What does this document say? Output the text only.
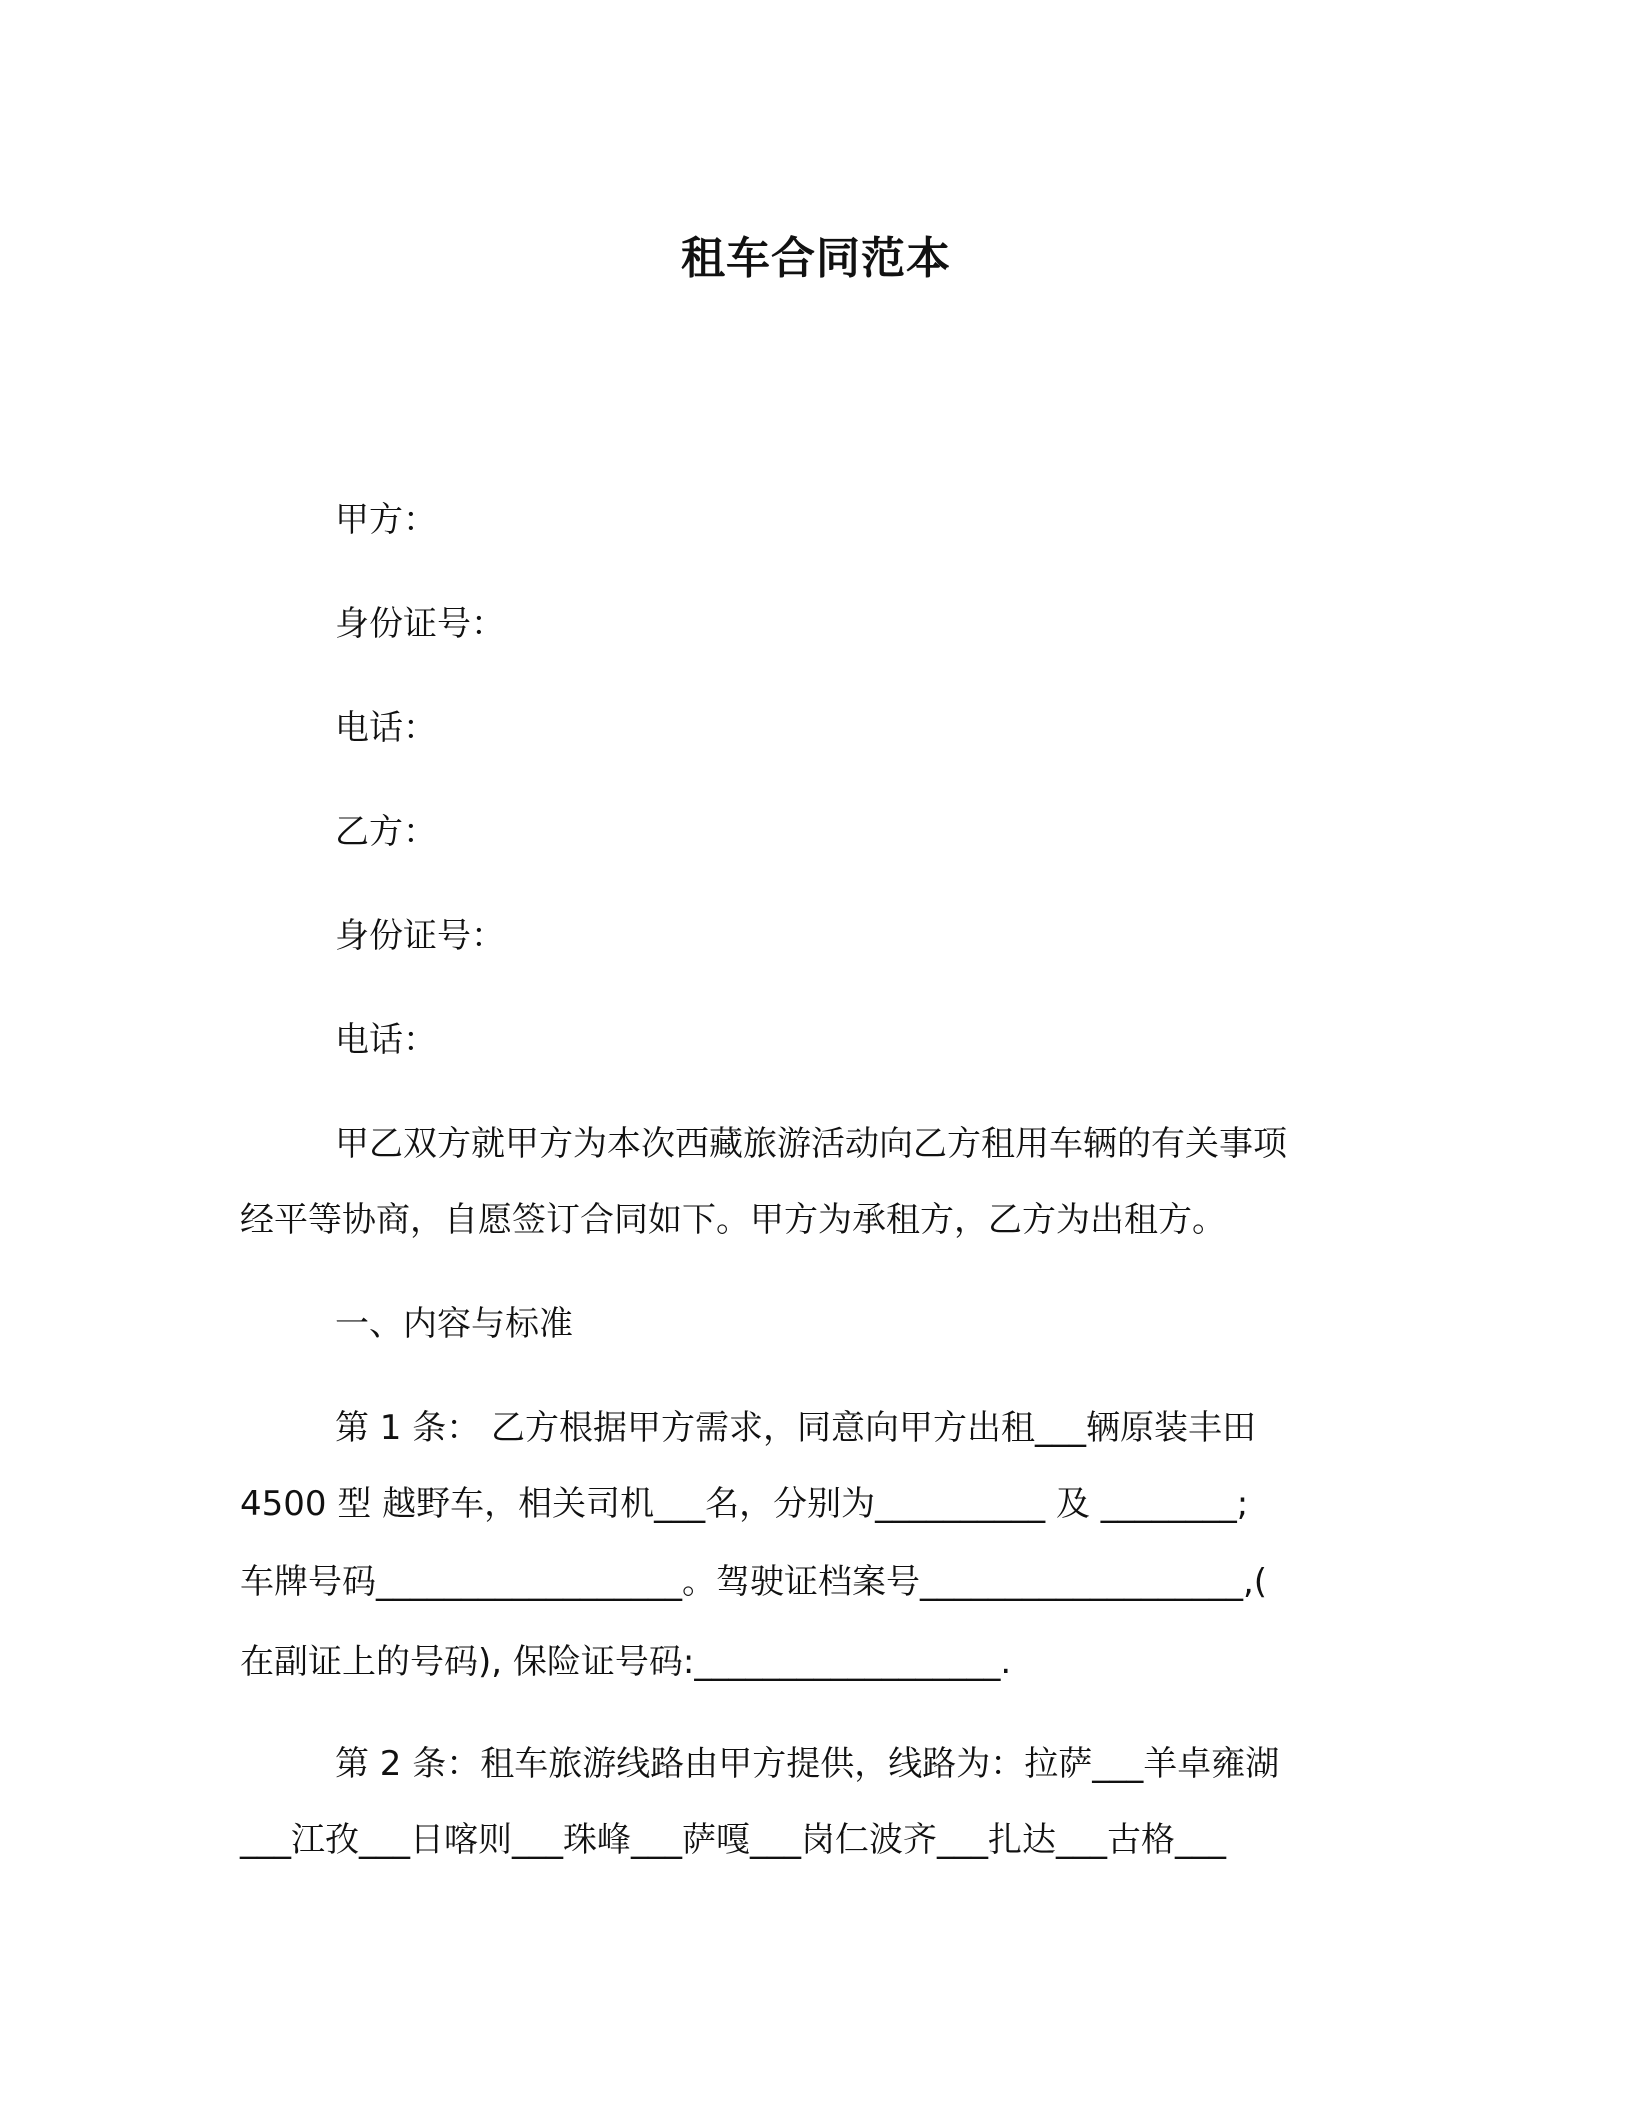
租车合同范本
甲方：
身份证号：
电话：
乙方：
身份证号：
电话：
甲乙双方就甲方为本次西藏旅游活动向乙方租用车辆的有关事项
经平等协商，自愿签订合同如下。甲方为承租方，乙方为出租方。
一、内容与标准
第 1 条： 乙方根据甲方需求，同意向甲方出租___辆原装丰田
4500 型 越野车，相关司机___名，分别为__________ 及 ________;
车牌号码__________________。驾驶证档案号___________________,(
在副证上的号码), 保险证号码:__________________.
第 2 条：租车旅游线路由甲方提供，线路为：拉萨___羊卓雍湖
___江孜___日喀则___珠峰___萨嘎___岗仁波齐___扎达___古格___
